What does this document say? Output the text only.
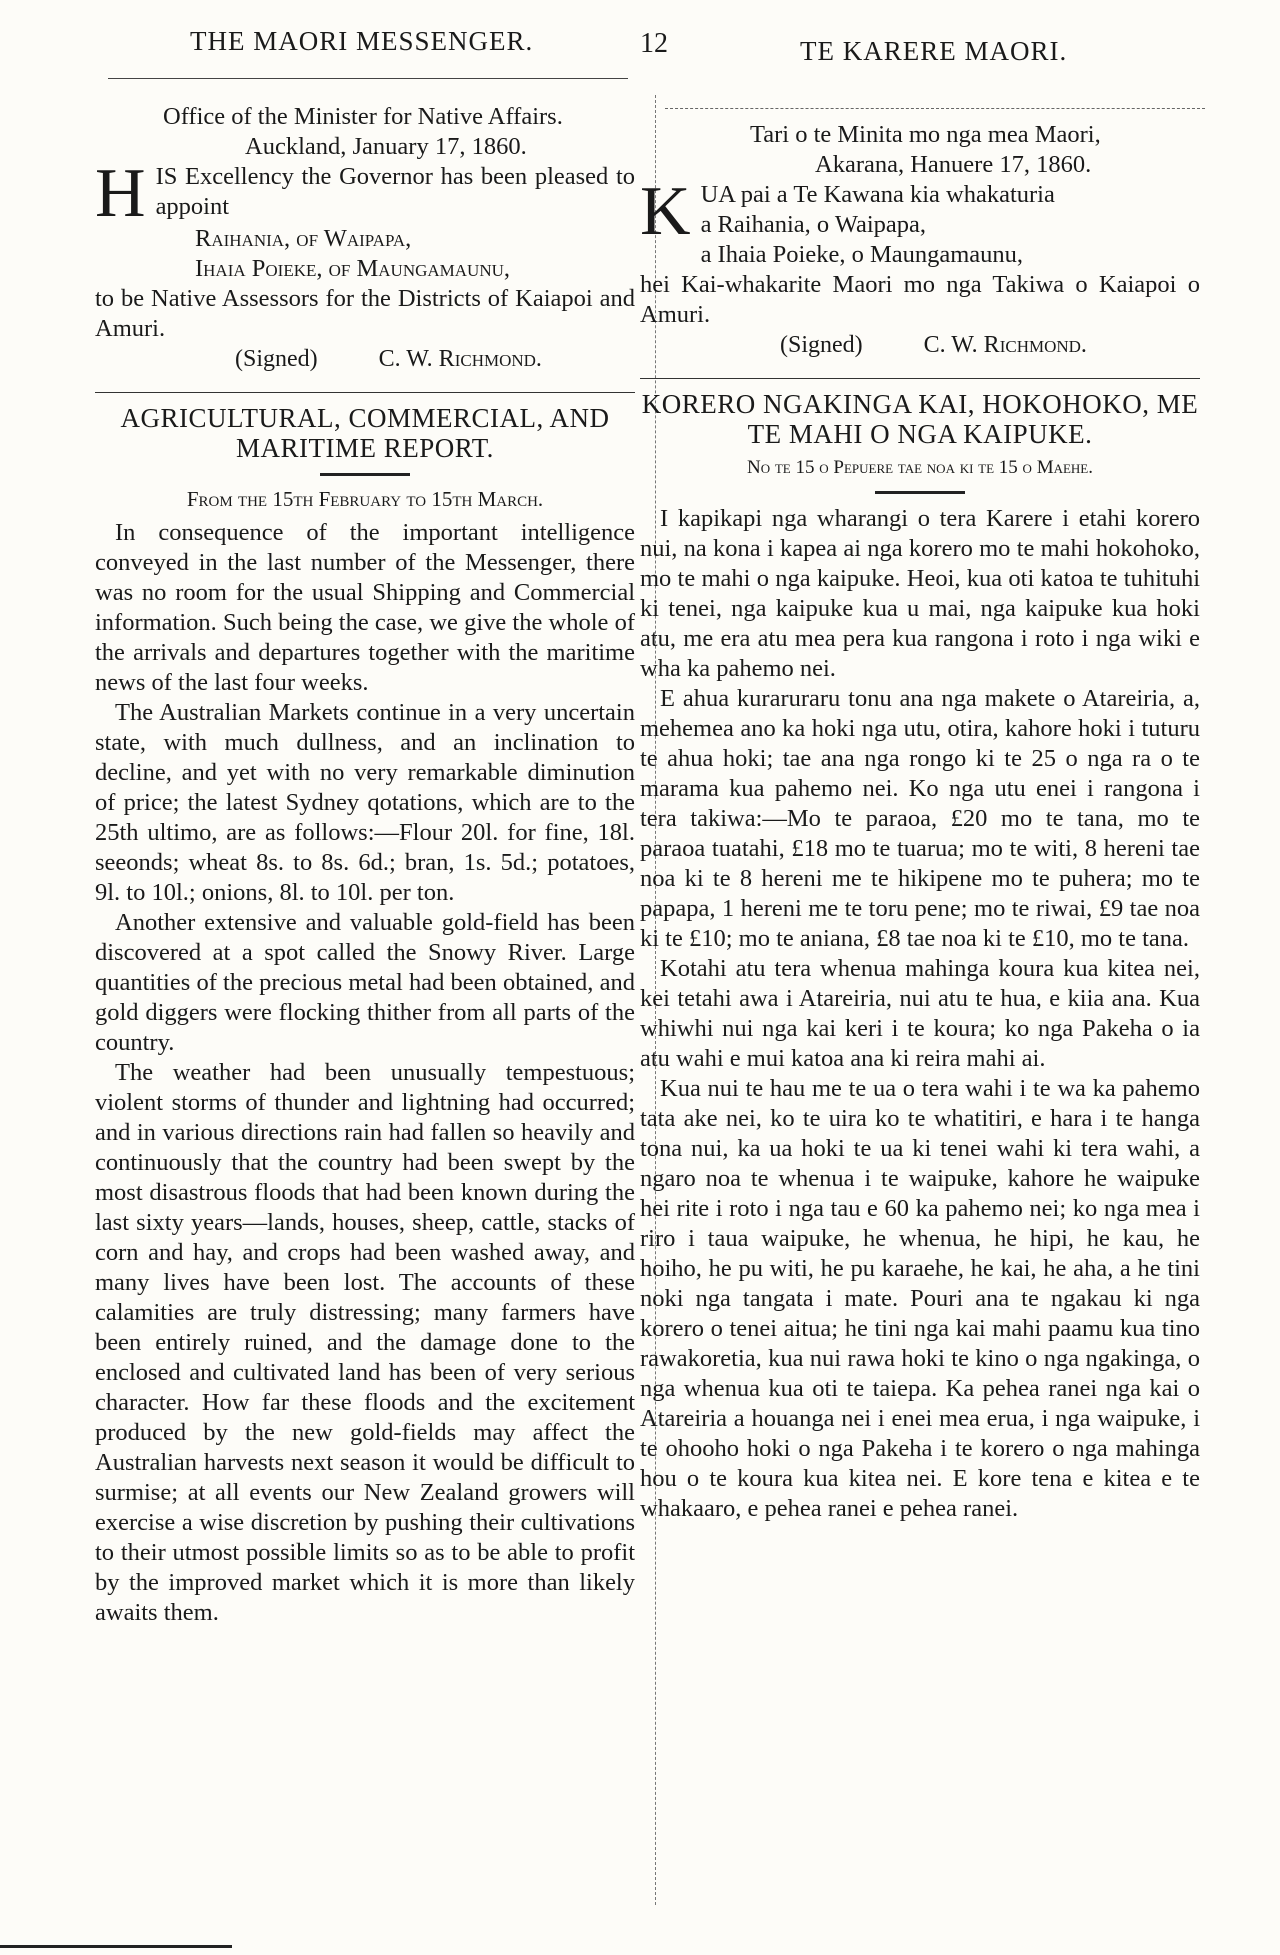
THE MAORI MESSENGER.	12	TE KARERE MAORI.

Office of the Minister for Native Affairs.

Auckland, January 17, 1860.

H IS Excellency the Governor has been pleased to appoint

Raihania, of Waipapa,

Ihaia Poieke, of Maungamaunu,

to be Native Assessors for the Districts of Kaiapoi and Amuri.

(Signed)	C. W. Richmond.
AGRICULTURAL, COMMERCIAL, AND MARITIME REPORT.
From the 15th February to 15th March.

In consequence of the important intelligence conveyed in the last number of the Messenger, there was no room for the usual Shipping and Commercial information. Such being the case, we give the whole of the arrivals and departures together with the maritime news of the last four weeks.

The Australian Markets continue in a very uncertain state, with much dullness, and an inclination to decline, and yet with no very remarkable diminution of price; the latest Sydney qotations, which are to the 25th ultimo, are as follows:—Flour 20l. for fine, 18l. seeonds; wheat 8s. to 8s. 6d.; bran, 1s. 5d.; potatoes, 9l. to 10l.; onions, 8l. to 10l. per ton.

Another extensive and valuable gold-field has been discovered at a spot called the Snowy River. Large quantities of the precious metal had been obtained, and gold diggers were flocking thither from all parts of the country.

The weather had been unusually tempestuous; violent storms of thunder and lightning had occurred; and in various directions rain had fallen so heavily and continuously that the country had been swept by the most disastrous floods that had been known during the last sixty years—lands, houses, sheep, cattle, stacks of corn and hay, and crops had been washed away, and many lives have been lost. The accounts of these calamities are truly distressing; many farmers have been entirely ruined, and the damage done to the enclosed and cultivated land has been of very serious character. How far these floods and the excitement produced by the new gold-fields may affect the Australian harvests next season it would be difficult to surmise; at all events our New Zealand growers will exercise a wise discretion by pushing their cultivations to their utmost possible limits so as to be able to profit by the improved market which it is more than likely awaits them.

Tari o te Minita mo nga mea Maori,

Akarana, Hanuere 17, 1860.

K UA pai a Te Kawana kia whakaturia

a Raihania, o Waipapa,

a Ihaia Poieke, o Maungamaunu,

hei Kai-whakarite Maori mo nga Takiwa o Kaiapoi o Amuri.

(Signed)	C. W. Richmond.
KORERO NGAKINGA KAI, HOKOHOKO, ME TE MAHI O NGA KAIPUKE.
No te 15 o Pepuere tae noa ki te 15 o Maehe.

I kapikapi nga wharangi o tera Karere i etahi korero nui, na kona i kapea ai nga korero mo te mahi hokohoko, mo te mahi o nga kaipuke. Heoi, kua oti katoa te tuhituhi ki tenei, nga kaipuke kua u mai, nga kaipuke kua hoki atu, me era atu mea pera kua rangona i roto i nga wiki e wha ka pahemo nei.

E ahua kuraruraru tonu ana nga makete o Atareiria, a, mehemea ano ka hoki nga utu, otira, kahore hoki i tuturu te ahua hoki; tae ana nga rongo ki te 25 o nga ra o te marama kua pahemo nei. Ko nga utu enei i rangona i tera takiwa:—Mo te paraoa, £20 mo te tana, mo te paraoa tuatahi, £18 mo te tuarua; mo te witi, 8 hereni tae noa ki te 8 hereni me te hikipene mo te puhera; mo te papapa, 1 hereni me te toru pene; mo te riwai, £9 tae noa ki te £10; mo te aniana, £8 tae noa ki te £10, mo te tana.

Kotahi atu tera whenua mahinga koura kua kitea nei, kei tetahi awa i Atareiria, nui atu te hua, e kiia ana. Kua whiwhi nui nga kai keri i te koura; ko nga Pakeha o ia atu wahi e mui katoa ana ki reira mahi ai.

Kua nui te hau me te ua o tera wahi i te wa ka pahemo tata ake nei, ko te uira ko te whatitiri, e hara i te hanga tona nui, ka ua hoki te ua ki tenei wahi ki tera wahi, a ngaro noa te whenua i te waipuke, kahore he waipuke hei rite i roto i nga tau e 60 ka pahemo nei; ko nga mea i riro i taua waipuke, he whenua, he hipi, he kau, he hoiho, he pu witi, he pu karaehe, he kai, he aha, a he tini noki nga tangata i mate. Pouri ana te ngakau ki nga korero o tenei aitua; he tini nga kai mahi paamu kua tino rawakoretia, kua nui rawa hoki te kino o nga ngakinga, o nga whenua kua oti te taiepa. Ka pehea ranei nga kai o Atareiria a houanga nei i enei mea erua, i nga waipuke, i te ohooho hoki o nga Pakeha i te korero o nga mahinga hou o te koura kua kitea nei. E kore tena e kitea e te whakaaro, e pehea ranei e pehea ranei.
